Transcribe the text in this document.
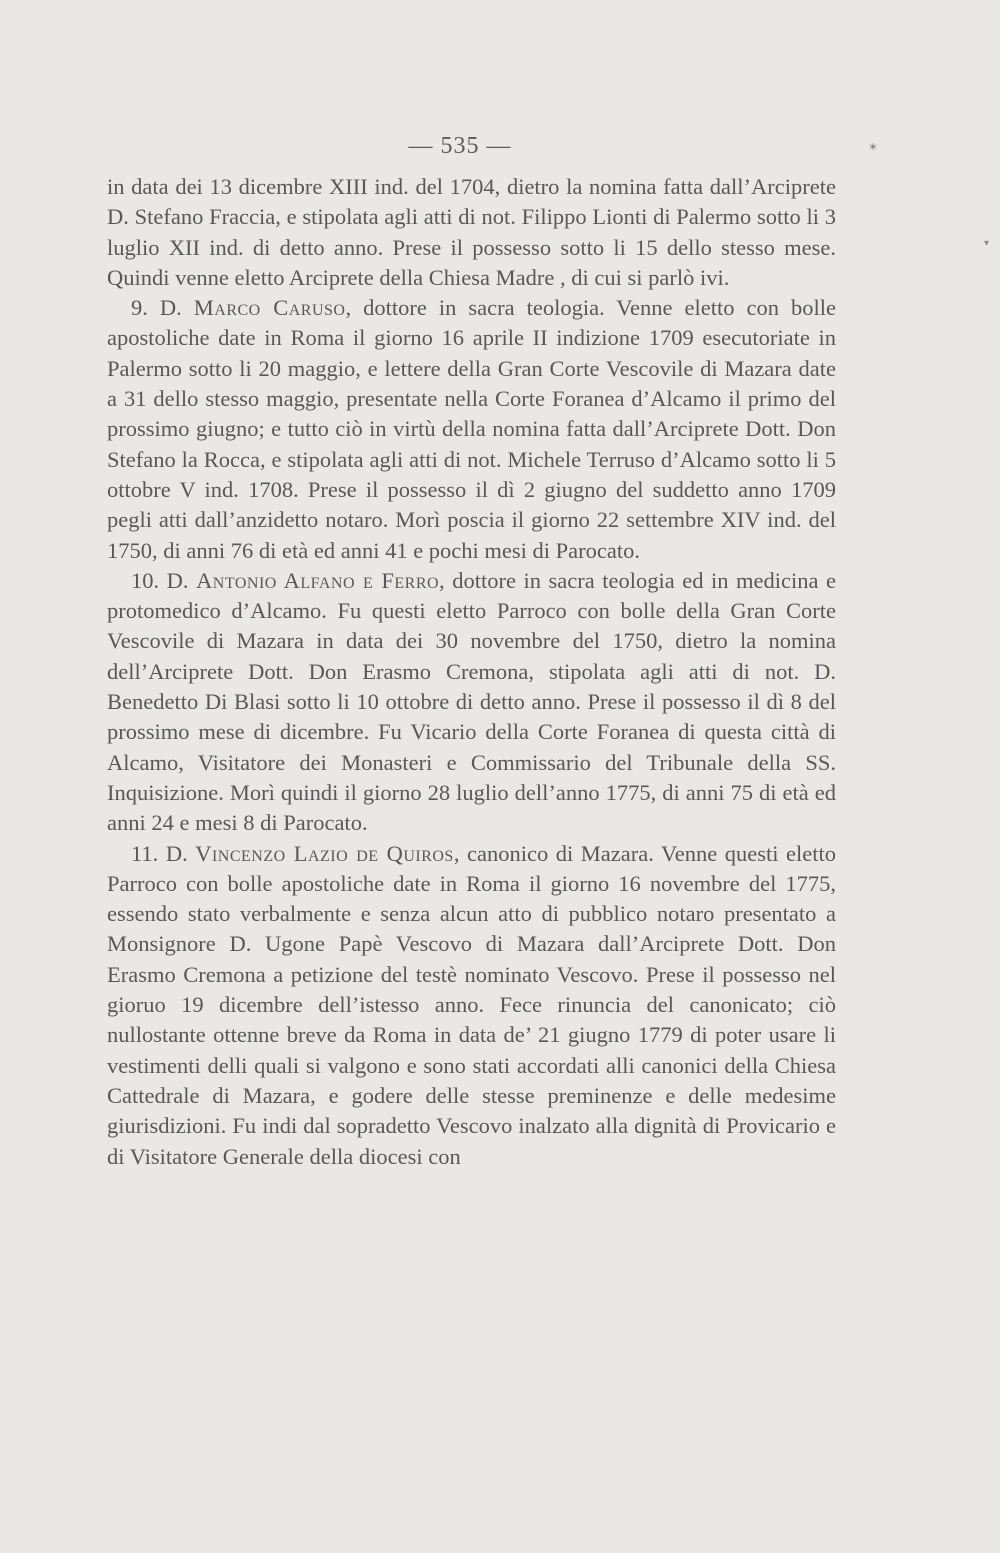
✶
▾
— 535 —

in data dei 13 dicembre XIII ind. del 1704, dietro la nomina fatta dall’Arciprete D. Stefano Fraccia, e stipolata agli atti di not. Filippo Lionti di Palermo sotto li 3 luglio XII ind. di detto anno. Prese il possesso sotto li 15 dello stesso mese. Quindi venne eletto Arciprete della Chiesa Madre , di cui si parlò ivi.

9. D. Marco Caruso, dottore in sacra teologia. Venne eletto con bolle apostoliche date in Roma il giorno 16 aprile II indizione 1709 esecutoriate in Palermo sotto li 20 maggio, e lettere della Gran Corte Vescovile di Mazara date a 31 dello stesso maggio, presentate nella Corte Foranea d’Alcamo il primo del prossimo giugno; e tutto ciò in virtù della nomina fatta dall’Arciprete Dott. Don Stefano la Rocca, e stipolata agli atti di not. Michele Terruso d’Alcamo sotto li 5 ottobre V ind. 1708. Prese il possesso il dì 2 giugno del suddetto anno 1709 pegli atti dall’anzidetto notaro. Morì poscia il giorno 22 settembre XIV ind. del 1750, di anni 76 di età ed anni 41 e pochi mesi di Parocato.

10. D. Antonio Alfano e Ferro, dottore in sacra teologia ed in medicina e protomedico d’Alcamo. Fu questi eletto Parroco con bolle della Gran Corte Vescovile di Mazara in data dei 30 novembre del 1750, dietro la nomina dell’Arciprete Dott. Don Erasmo Cremona, stipolata agli atti di not. D. Benedetto Di Blasi sotto li 10 ottobre di detto anno. Prese il possesso il dì 8 del prossimo mese di dicembre. Fu Vicario della Corte Foranea di questa città di Alcamo, Visitatore dei Monasteri e Commissario del Tribunale della SS. Inquisizione. Morì quindi il giorno 28 luglio dell’anno 1775, di anni 75 di età ed anni 24 e mesi 8 di Parocato.

11. D. Vincenzo Lazio de Quiros, canonico di Mazara. Venne questi eletto Parroco con bolle apostoliche date in Roma il giorno 16 novembre del 1775, essendo stato verbalmente e senza alcun atto di pubblico notaro presentato a Monsignore D. Ugone Papè Vescovo di Mazara dall’Arciprete Dott. Don Erasmo Cremona a petizione del testè nominato Vescovo. Prese il possesso nel gioruo 19 dicembre dell’istesso anno. Fece rinuncia del canonicato; ciò nullostante ottenne breve da Roma in data de’ 21 giugno 1779 di poter usare li vestimenti delli quali si valgono e sono stati accordati alli canonici della Chiesa Cattedrale di Mazara, e godere delle stesse preminenze e delle medesime giurisdizioni. Fu indi dal sopradetto Vescovo inalzato alla dignità di Provicario e di Visitatore Generale della diocesi con
